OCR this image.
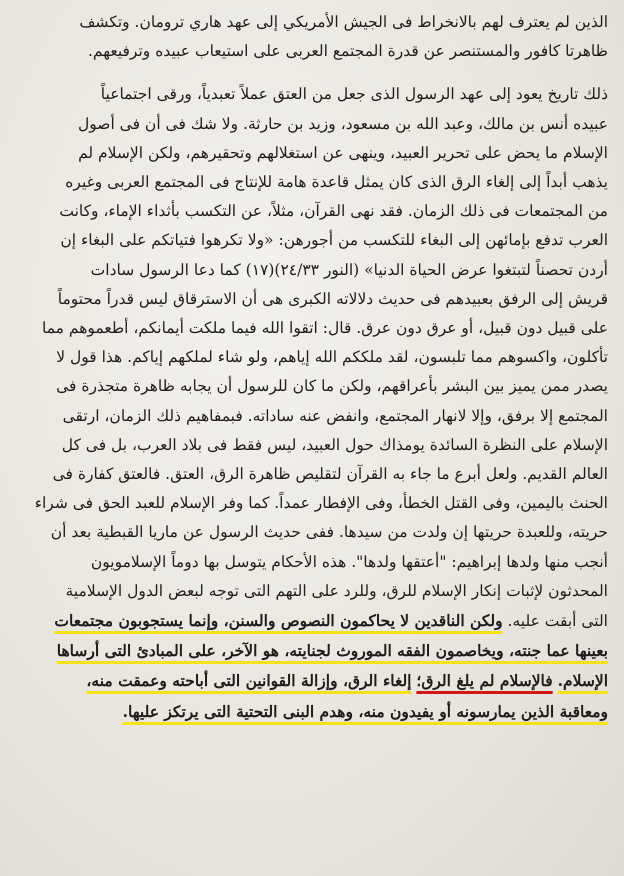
الذين لم يعترف لهم بالانخراط فى الجيش الأمريكي إلى عهد هاري ترومان. وتكشف
ظاهرتا كافور والمستنصر عن قدرة المجتمع العربى على استيعاب عبيده وترفيعهم.

ذلك تاريخ يعود إلى عهد الرسول الذى جعل من العتق عملاً تعبدياً، ورقى اجتماعياً
عبيده أنس بن مالك، وعبد الله بن مسعود، وزيد بن حارثة. ولا شك فى أن فى أصول
الإسلام ما يحض على تحرير العبيد، وينهى عن استغلالهم وتحقيرهم، ولكن الإسلام لم
يذهب أبداً إلى إلغاء الرق الذى كان يمثل قاعدة هامة للإنتاج فى المجتمع العربى وغيره
من المجتمعات فى ذلك الزمان. فقد نهى القرآن، مثلاً، عن التكسب بأثداء الإماء، وكانت
العرب تدفع بإمائهن إلى البغاء للتكسب من أجورهن: «ولا تكرهوا فتياتكم على البغاء إن
أردن تحصناً لتبتغوا عرض الحياة الدنيا» (النور ٢٤/٣٣)(١٧) كما دعا الرسول سادات
قريش إلى الرفق بعبيدهم فى حديث دلالاته الكبرى هى أن الاسترقاق ليس قدراً محتوماً
على قبيل دون قبيل، أو عرق دون عرق. قال: اتقوا الله فيما ملكت أيمانكم، أطعموهم مما
تأكلون، واكسوهم مما تلبسون، لقد ملككم الله إياهم، ولو شاء لملكهم إياكم. هذا قول لا
يصدر ممن يميز بين البشر بأعراقهم، ولكن ما كان للرسول أن يجابه ظاهرة متجذرة فى
المجتمع إلا برفق، وإلا لانهار المجتمع، وانفض عنه ساداته. فبمفاهيم ذلك الزمان، ارتقى
الإسلام على النظرة السائدة يومذاك حول العبيد، ليس فقط فى بلاد العرب، بل فى كل
العالم القديم. ولعل أبرع ما جاء به القرآن لتقليص ظاهرة الرق، العتق. فالعتق كفارة فى
الحنث باليمين، وفى القتل الخطأ، وفى الإفطار عمداً. كما وفر الإسلام للعبد الحق فى شراء
حريته، وللعبدة حريتها إن ولدت من سيدها. ففى حديث الرسول عن ماريا القبطية بعد أن
أنجب منها ولدها إبراهيم: "أعتقها ولدها". هذه الأحكام يتوسل بها دوماً الإسلامويون
المحدثون لإثبات إنكار الإسلام للرق، وللرد على التهم التى توجه لبعض الدول الإسلامية
التى أبقت عليه. ولكن الناقدين لا يحاكمون النصوص والسنن، وإنما يستجوبون مجتمعات
بعينها عما جنته، ويخاصمون الفقه الموروث لجنايته، هو الآخر، على المبادئ التى أرساها
الإسلام. فالإسلام لم يلغ الرق؛ إلغاء الرق، وإزالة القوانين التى أباحته وعمقت منه،
ومعاقبة الذين يمارسونه أو يفيدون منه، وهدم البنى التحتية التى يرتكز عليها.
